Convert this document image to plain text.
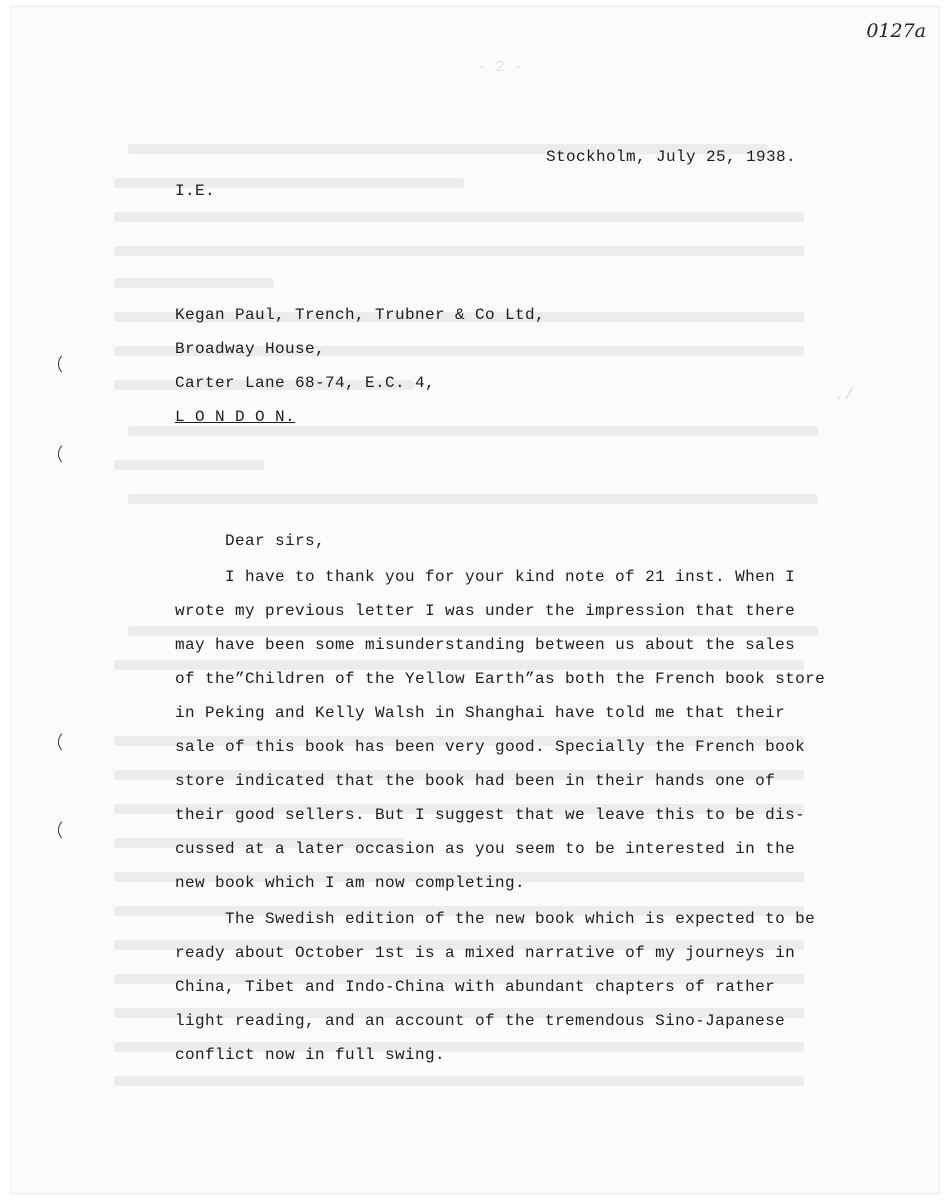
- 2 -
0127a
./
Stockholm, July 25, 1938.
I.E.
Kegan Paul, Trench, Trubner & Co Ltd,
Broadway House,
Carter Lane 68-74, E.C. 4,
L O N D O N.
Dear sirs,
I have to thank you for your kind note of 21 inst. When I
wrote my previous letter I was under the impression that there
may have been some misunderstanding between us about the sales
of the”Children of the Yellow Earth”as both the French book store
in Peking and Kelly Walsh in Shanghai have told me that their
sale of this book has been very good. Specially the French book
store indicated that the book had been in their hands one of
their good sellers. But I suggest that we leave this to be dis-
cussed at a later occasion as you seem to be interested in the
new book which I am now completing.
The Swedish edition of the new book which is expected to be
ready about October 1st is a mixed narrative of my journeys in
China, Tibet and Indo-China with abundant chapters of rather
light reading, and an account of the tremendous Sino-Japanese
conflict now in full swing.
